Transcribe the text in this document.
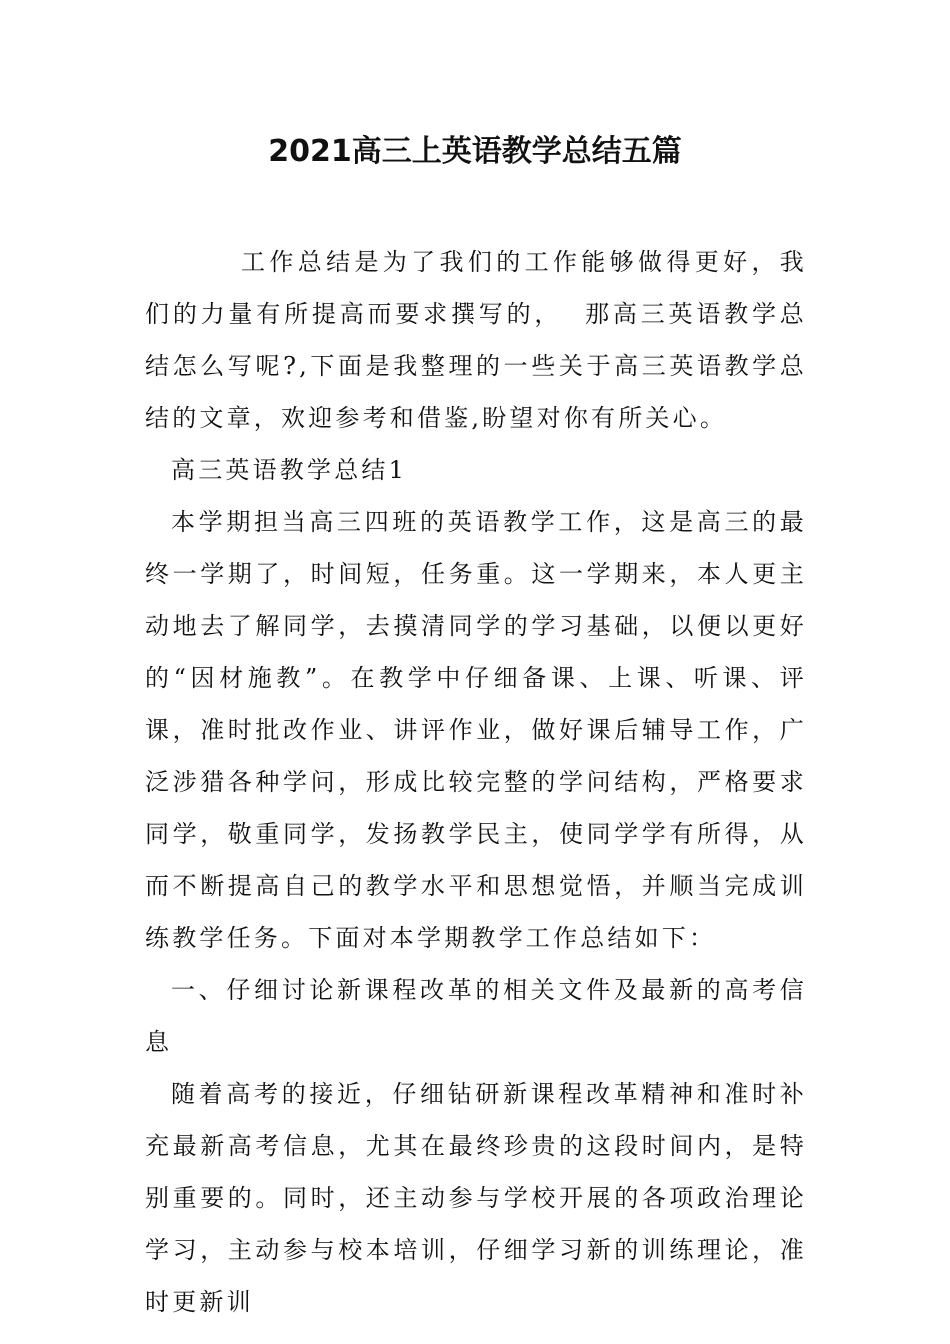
2021高三上英语教学总结五篇

工作总结是为了我们的工作能够做得更好，我们的力量有所提高而要求撰写的，  那高三英语教学总结怎么写呢?,下面是我整理的一些关于高三英语教学总结的文章，欢迎参考和借鉴,盼望对你有所关心。

高三英语教学总结1

本学期担当高三四班的英语教学工作，这是高三的最终一学期了，时间短，任务重。这一学期来，本人更主动地去了解同学，去摸清同学的学习基础，以便以更好的“因材施教”。在教学中仔细备课、上课、听课、评课，准时批改作业、讲评作业，做好课后辅导工作，广泛涉猎各种学问，形成比较完整的学问结构，严格要求同学，敬重同学，发扬教学民主，使同学学有所得，从而不断提高自己的教学水平和思想觉悟，并顺当完成训练教学任务。下面对本学期教学工作总结如下：

一、仔细讨论新课程改革的相关文件及最新的高考信息

随着高考的接近，仔细钻研新课程改革精神和准时补充最新高考信息，尤其在最终珍贵的这段时间内，是特别重要的。同时，还主动参与学校开展的各项政治理论学习，主动参与校本培训，仔细学习新的训练理论，准时更新训
